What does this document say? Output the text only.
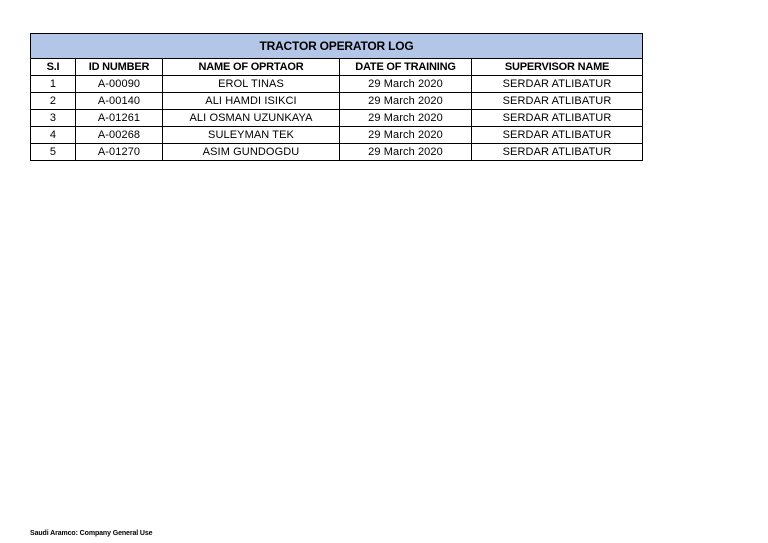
TRACTOR OPERATOR LOG				
S.I	ID NUMBER	NAME OF OPRTAOR	DATE OF TRAINING	SUPERVISOR NAME
1	A-00090	EROL TINAS	29 March 2020	SERDAR ATLIBATUR
2	A-00140	ALI HAMDI ISIKCI	29 March 2020	SERDAR ATLIBATUR
3	A-01261	ALI OSMAN UZUNKAYA	29 March 2020	SERDAR ATLIBATUR
4	A-00268	SULEYMAN TEK	29 March 2020	SERDAR ATLIBATUR
5	A-01270	ASIM GUNDOGDU	29 March 2020	SERDAR ATLIBATUR
Saudi Aramco: Company General Use
